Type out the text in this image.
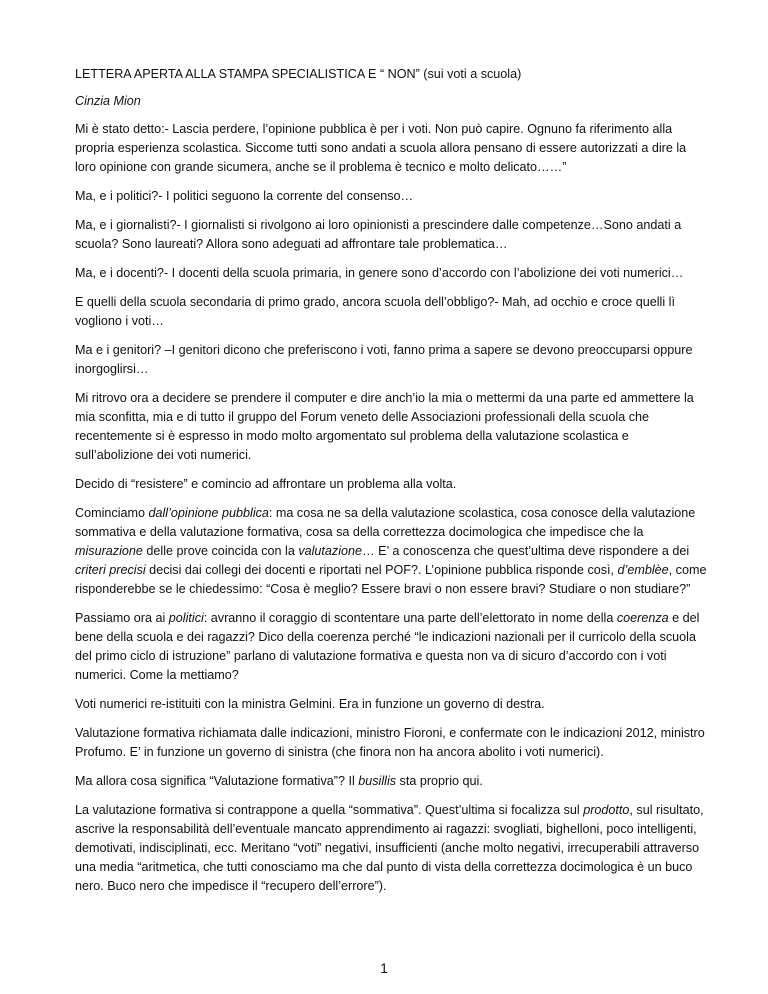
LETTERA APERTA ALLA STAMPA SPECIALISTICA E “ NON” (sui voti a scuola)

Cinzia Mion

Mi è stato detto:- Lascia perdere, l’opinione pubblica è per i voti. Non può capire. Ognuno fa riferimento alla propria esperienza scolastica. Siccome tutti sono andati a scuola allora pensano di essere autorizzati a dire la loro opinione con grande sicumera, anche se il problema è tecnico e molto delicato……”

Ma, e i politici?- I politici seguono la corrente del consenso…

Ma, e i giornalisti?- I giornalisti si rivolgono ai loro opinionisti a prescindere dalle competenze…Sono andati a scuola? Sono laureati? Allora sono adeguati ad affrontare tale problematica…

Ma, e i docenti?- I docenti della scuola primaria, in genere sono d’accordo con l’abolizione dei voti numerici…

E quelli della scuola secondaria di primo grado, ancora scuola dell’obbligo?- Mah, ad occhio e croce quelli lì vogliono i voti…

Ma e i genitori? –I genitori dicono che preferiscono i voti, fanno prima a sapere se devono preoccuparsi oppure inorgoglirsi…

Mi ritrovo ora a decidere se prendere il computer e dire anch’io la mia o mettermi da una parte ed ammettere la mia sconfitta, mia e di tutto il gruppo del Forum veneto delle Associazioni professionali della scuola che recentemente si è espresso in modo molto argomentato sul problema della valutazione scolastica e sull’abolizione dei voti numerici.

Decido di “resistere” e comincio ad affrontare un problema alla volta.

Cominciamo dall’opinione pubblica: ma cosa ne sa della valutazione scolastica, cosa conosce della valutazione sommativa e della valutazione formativa, cosa sa della correttezza docimologica che impedisce che la misurazione delle prove coincida con la valutazione… E’ a conoscenza che quest’ultima deve rispondere a dei criteri precisi decisi dai collegi dei docenti e riportati nel POF?. L’opinione pubblica risponde così, d’emblèe, come risponderebbe se le chiedessimo: “Cosa è meglio? Essere bravi o non essere bravi? Studiare o non studiare?”

Passiamo ora ai politici: avranno il coraggio di scontentare una parte dell’elettorato in nome della coerenza e del bene della scuola e dei ragazzi? Dico della coerenza perché “le indicazioni nazionali per il curricolo della scuola del primo ciclo di istruzione” parlano di valutazione formativa e questa non va di sicuro d’accordo con i voti numerici. Come la mettiamo?

Voti numerici re-istituiti con la ministra Gelmini. Era in funzione un governo di destra.

Valutazione formativa richiamata dalle indicazioni, ministro Fioroni, e confermate con le indicazioni 2012, ministro Profumo. E’ in funzione un governo di sinistra (che finora non ha ancora abolito i voti numerici).

Ma allora cosa significa “Valutazione formativa”? Il busillis sta proprio qui.

La valutazione formativa si contrappone a quella “sommativa”. Quest’ultima si focalizza sul prodotto, sul risultato, ascrive la responsabilità dell’eventuale mancato apprendimento ai ragazzi: svogliati, bighelloni, poco intelligenti, demotivati, indisciplinati, ecc. Meritano “voti” negativi, insufficienti (anche molto negativi, irrecuperabili attraverso una media “aritmetica, che tutti conosciamo ma che dal punto di vista della correttezza docimologica è un buco nero. Buco nero che impedisce il “recupero dell’errore”).

1
